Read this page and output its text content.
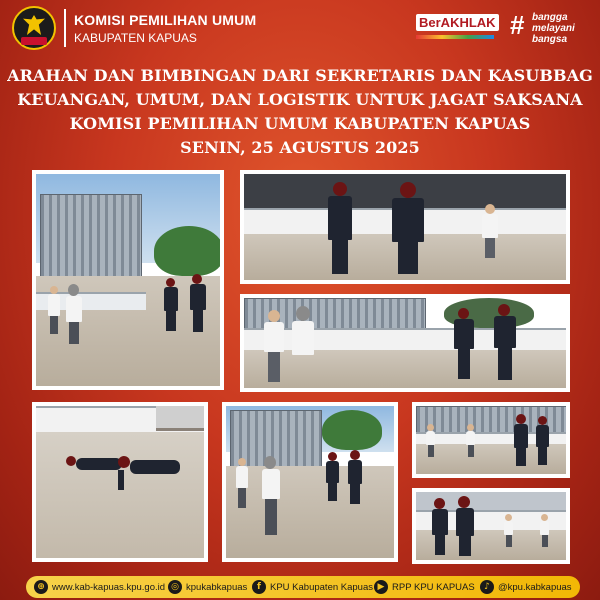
KOMISI PEMILIHAN UMUM
KABUPATEN KAPUAS
BerAKHLAK # bangga
melayani
bangsa
ARAHAN DAN BIMBINGAN DARI SEKRETARIS DAN KASUBBAG
KEUANGAN, UMUM, DAN LOGISTIK UNTUK JAGAT SAKSANA
KOMISI PEMILIHAN UMUM KABUPATEN KAPUAS
SENIN, 25 AGUSTUS 2025
⊕ www.kab-kapuas.kpu.go.id ◎ kpukabkapuas	f KPU Kabupaten Kapuas ▶ RPP KPU KAPUAS	♪ @kpu.kabkapuas
